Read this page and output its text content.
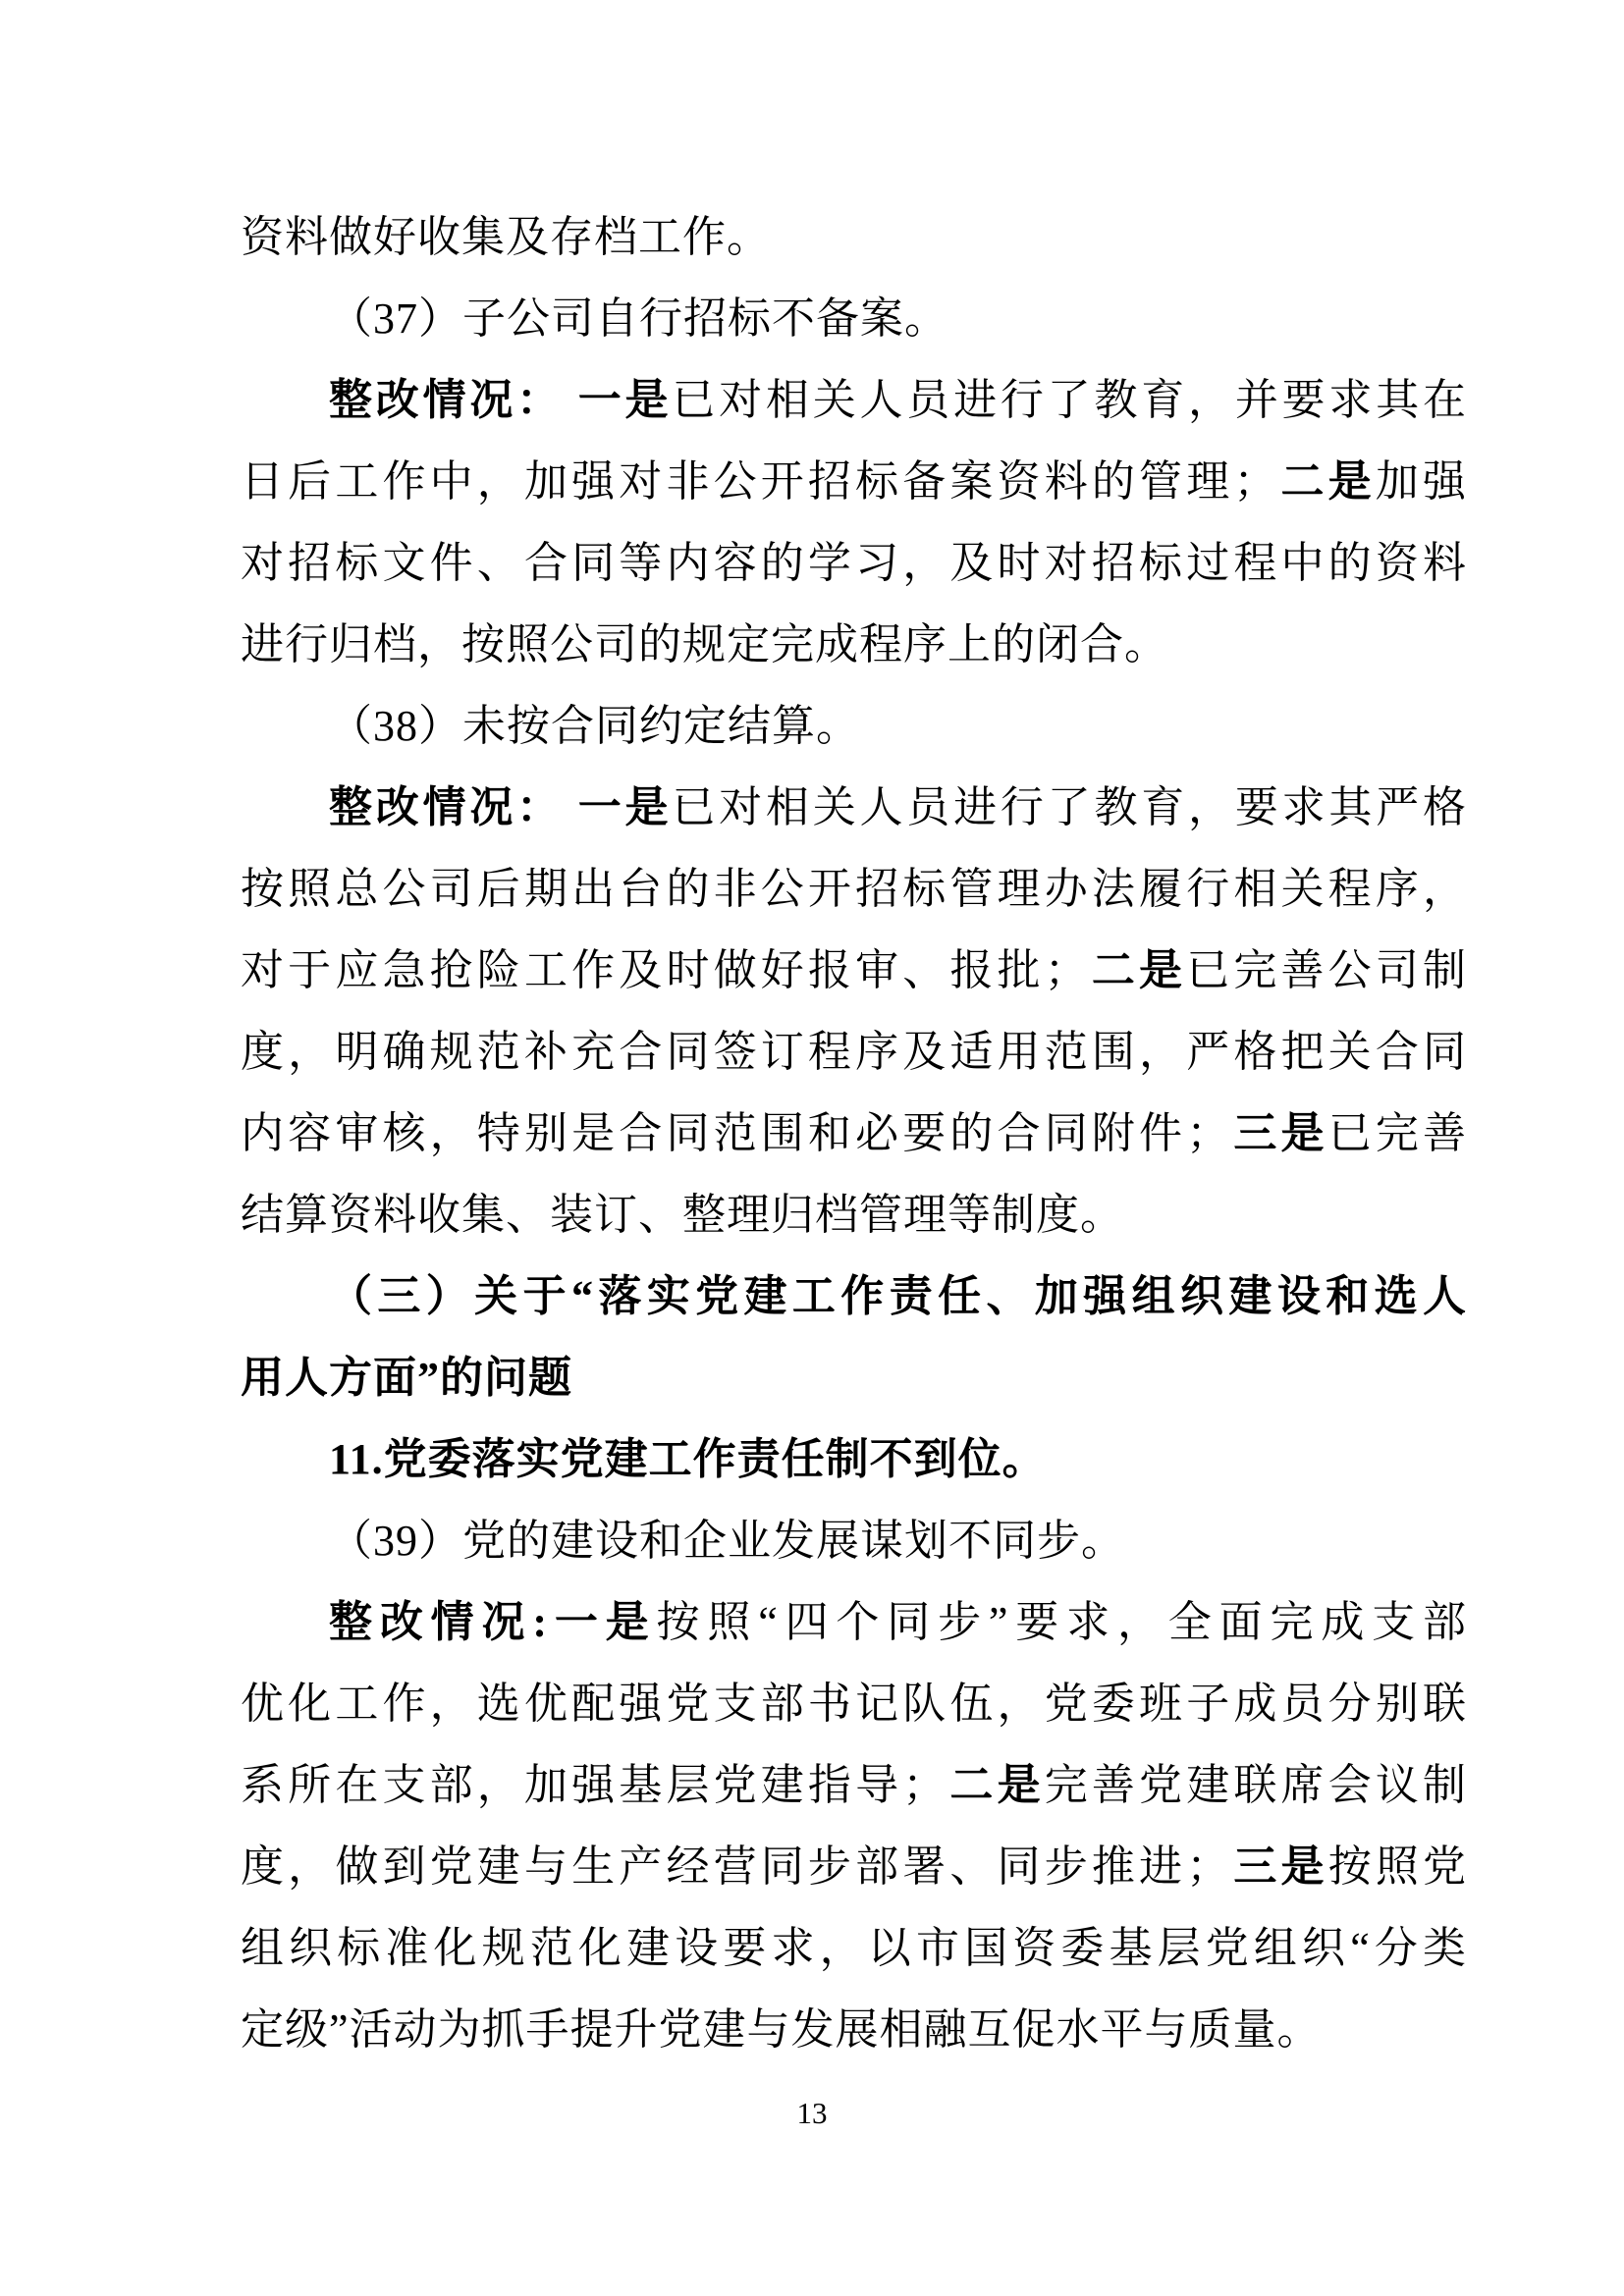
资料做好收集及存档工作。
（37）子公司自行招标不备案。
整改情况： 一是已对相关人员进行了教育，并要求其在
日后工作中，加强对非公开招标备案资料的管理；二是加强
对招标文件、合同等内容的学习，及时对招标过程中的资料
进行归档，按照公司的规定完成程序上的闭合。
（38）未按合同约定结算。
整改情况： 一是已对相关人员进行了教育，要求其严格
按照总公司后期出台的非公开招标管理办法履行相关程序，
对于应急抢险工作及时做好报审、报批；二是已完善公司制
度，明确规范补充合同签订程序及适用范围，严格把关合同
内容审核，特别是合同范围和必要的合同附件；三是已完善
结算资料收集、装订、整理归档管理等制度。
（三）关于“落实党建工作责任、加强组织建设和选人
用人方面”的问题
11.党委落实党建工作责任制不到位。
（39）党的建设和企业发展谋划不同步。
整改情况:一是按照“四个同步”要求，全面完成支部
优化工作，选优配强党支部书记队伍，党委班子成员分别联
系所在支部，加强基层党建指导；二是完善党建联席会议制
度，做到党建与生产经营同步部署、同步推进；三是按照党
组织标准化规范化建设要求，以市国资委基层党组织“分类
定级”活动为抓手提升党建与发展相融互促水平与质量。
13
